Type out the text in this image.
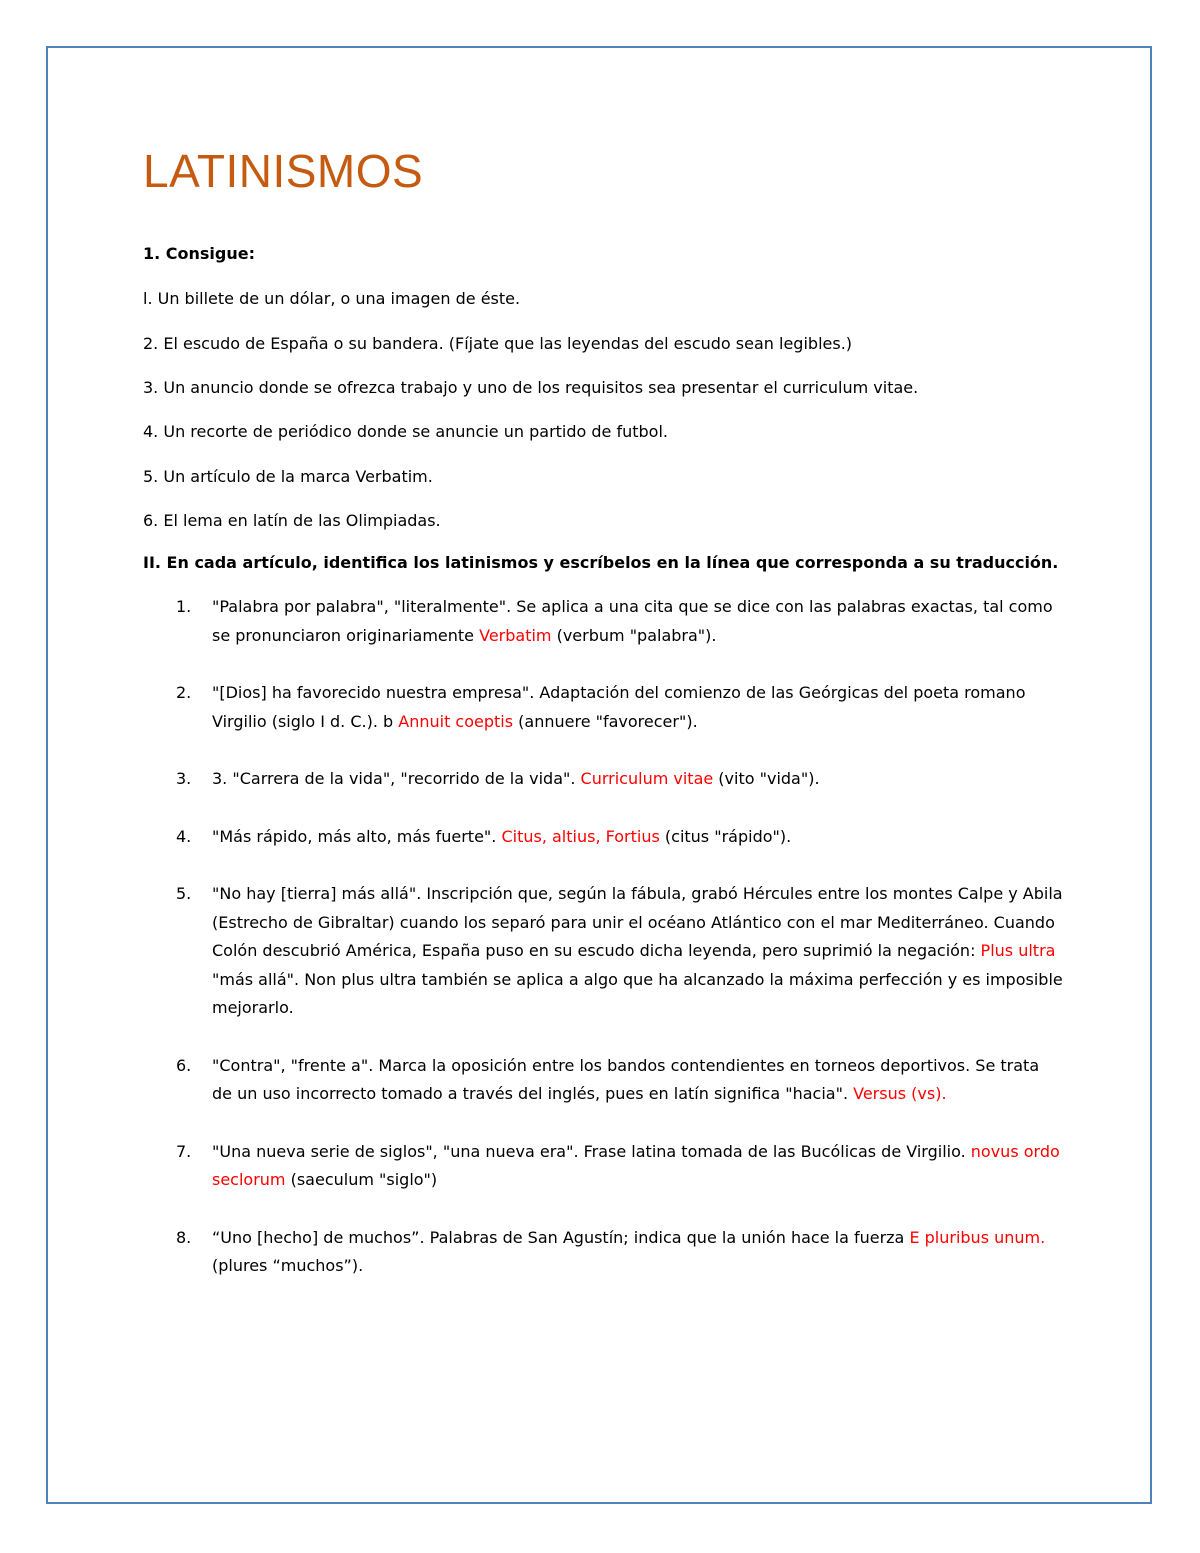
LATINISMOS

1. Consigue:

l. Un billete de un dólar, o una imagen de éste.

2. El escudo de España o su bandera. (Fíjate que las leyendas del escudo sean legibles.)

3. Un anuncio donde se ofrezca trabajo y uno de los requisitos sea presentar el curriculum vitae.

4. Un recorte de periódico donde se anuncie un partido de futbol.

5. Un artículo de la marca Verbatim.

6. El lema en latín de las Olimpiadas.

II. En cada artículo, identifica los latinismos y escríbelos en la línea que corresponda a su traducción.

1. "Palabra por palabra", "literalmente". Se aplica a una cita que se dice con las palabras exactas, tal como se pronunciaron originariamente Verbatim (verbum "palabra").
2. "[Dios] ha favorecido nuestra empresa". Adaptación del comienzo de las Geórgicas del poeta romano Virgilio (siglo I d. C.). b Annuit coeptis (annuere "favorecer").
3. 3. "Carrera de la vida", "recorrido de la vida". Curriculum vitae (vito "vida").
4. "Más rápido, más alto, más fuerte". Citus, altius, Fortius (citus "rápido").
5. "No hay [tierra] más allá". Inscripción que, según la fábula, grabó Hércules entre los montes Calpe y Abila (Estrecho de Gibraltar) cuando los separó para unir el océano Atlántico con el mar Mediterráneo. Cuando Colón descubrió América, España puso en su escudo dicha leyenda, pero suprimió la negación: Plus ultra "más allá". Non plus ultra también se aplica a algo que ha alcanzado la máxima perfección y es imposible mejorarlo.
6. "Contra", "frente a". Marca la oposición entre los bandos contendientes en torneos deportivos. Se trata de un uso incorrecto tomado a través del inglés, pues en latín significa "hacia". Versus (vs).
7. "Una nueva serie de siglos", "una nueva era". Frase latina tomada de las Bucólicas de Virgilio. novus ordo seclorum (saeculum "siglo")
8. “Uno [hecho] de muchos”. Palabras de San Agustín; indica que la unión hace la fuerza E pluribus unum. (plures “muchos”).
